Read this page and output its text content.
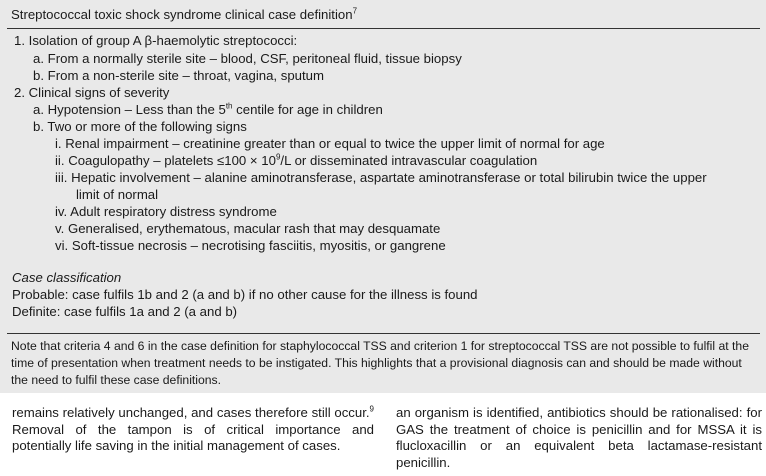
Streptococcal toxic shock syndrome clinical case definition$^7$
1. Isolation of group A β-haemolytic streptococci:
a. From a normally sterile site – blood, CSF, peritoneal fluid, tissue biopsy
b. From a non-sterile site – throat, vagina, sputum
2. Clinical signs of severity
a. Hypotension – Less than the 5th centile for age in children
b. Two or more of the following signs
i. Renal impairment – creatinine greater than or equal to twice the upper limit of normal for age
ii. Coagulopathy – platelets $\le 100 \times 10^9/L$ or disseminated intravascular coagulation
iii. Hepatic involvement – alanine aminotransferase, aspartate aminotransferase or total bilirubin twice the upper
limit of normal
iv. Adult respiratory distress syndrome
v. Generalised, erythematous, macular rash that may desquamate
vi. Soft-tissue necrosis – necrotising fasciitis, myositis, or gangrene
Case classification
Probable: case fulfils 1b and 2 (a and b) if no other cause for the illness is found
Definite: case fulfils 1a and 2 (a and b)
Note that criteria 4 and 6 in the case definition for staphylococcal TSS and criterion 1 for streptococcal TSS are not possible to fulfil at the time of presentation when treatment needs to be instigated. This highlights that a provisional diagnosis can and should be made without the need to fulfil these case definitions.
remains relatively unchanged, and cases therefore still occur.$^9$ Removal of the tampon is of critical importance and potentially life saving in the initial management of cases.
an organism is identified, antibiotics should be rationalised: for GAS the treatment of choice is penicillin and for MSSA it is flucloxacillin or an equivalent beta lactamase-resistant penicillin.
